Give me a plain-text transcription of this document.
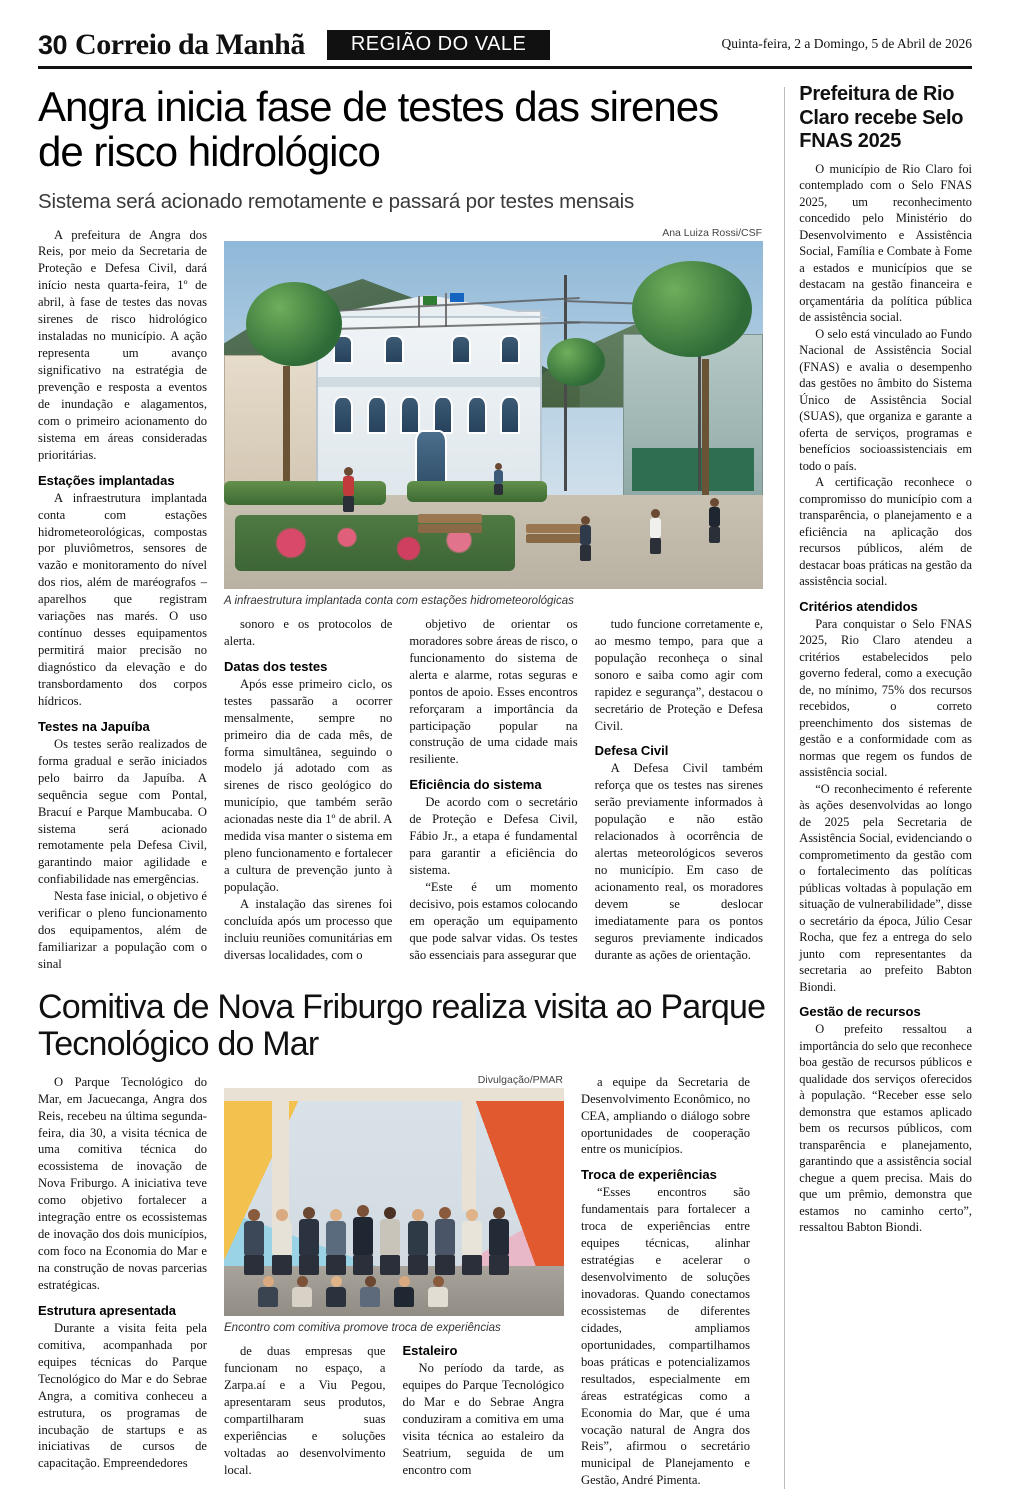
30 Correio da Manhã	REGIÃO DO VALE	Quinta-feira, 2 a Domingo, 5 de Abril de 2026
Angra inicia fase de testes das sirenes de risco hidrológico
Sistema será acionado remotamente e passará por testes mensais

A prefeitura de Angra dos Reis, por meio da Secretaria de Proteção e Defesa Civil, dará início nesta quarta-feira, 1º de abril, à fase de testes das novas sirenes de risco hidrológico instaladas no município. A ação representa um avanço significativo na estratégia de prevenção e resposta a eventos de inundação e alagamentos, com o primeiro acionamento do sistema em áreas consideradas prioritárias.

Estações implantadas

A infraestrutura implantada conta com estações hidrometeorológicas, compostas por pluviômetros, sensores de vazão e monitoramento do nível dos rios, além de maréografos – aparelhos que registram variações nas marés. O uso contínuo desses equipamentos permitirá maior precisão no diagnóstico da elevação e do transbordamento dos corpos hídricos.

Testes na Japuíba

Os testes serão realizados de forma gradual e serão iniciados pelo bairro da Japuíba. A sequência segue com Pontal, Bracuí e Parque Mambucaba. O sistema será acionado remotamente pela Defesa Civil, garantindo maior agilidade e confiabilidade nas emergências.

Nesta fase inicial, o objetivo é verificar o pleno funcionamento dos equipamentos, além de familiarizar a população com o sinal

Ana Luiza Rossi/CSF
A infraestrutura implantada conta com estações hidrometeorológicas

sonoro e os protocolos de alerta.

Datas dos testes

Após esse primeiro ciclo, os testes passarão a ocorrer mensalmente, sempre no primeiro dia de cada mês, de forma simultânea, seguindo o modelo já adotado com as sirenes de risco geológico do município, que também serão acionadas neste dia 1º de abril. A medida visa manter o sistema em pleno funcionamento e fortalecer a cultura de prevenção junto à população.

A instalação das sirenes foi concluída após um processo que incluiu reuniões comunitárias em diversas localidades, com o

objetivo de orientar os moradores sobre áreas de risco, o funcionamento do sistema de alerta e alarme, rotas seguras e pontos de apoio. Esses encontros reforçaram a importância da participação popular na construção de uma cidade mais resiliente.

Eficiência do sistema

De acordo com o secretário de Proteção e Defesa Civil, Fábio Jr., a etapa é fundamental para garantir a eficiência do sistema.

“Este é um momento decisivo, pois estamos colocando em operação um equipamento que pode salvar vidas. Os testes são essenciais para assegurar que

tudo funcione corretamente e, ao mesmo tempo, para que a população reconheça o sinal sonoro e saiba como agir com rapidez e segurança”, destacou o secretário de Proteção e Defesa Civil.

Defesa Civil

A Defesa Civil também reforça que os testes nas sirenes serão previamente informados à população e não estão relacionados à ocorrência de alertas meteorológicos severos no município. Em caso de acionamento real, os moradores devem se deslocar imediatamente para os pontos seguros previamente indicados durante as ações de orientação.

Comitiva de Nova Friburgo realiza visita ao Parque Tecnológico do Mar

O Parque Tecnológico do Mar, em Jacuecanga, Angra dos Reis, recebeu na última segunda-feira, dia 30, a visita técnica de uma comitiva técnica do ecossistema de inovação de Nova Friburgo. A iniciativa teve como objetivo fortalecer a integração entre os ecossistemas de inovação dos dois municípios, com foco na Economia do Mar e na construção de novas parcerias estratégicas.

Estrutura apresentada

Durante a visita feita pela comitiva, acompanhada por equipes técnicas do Parque Tecnológico do Mar e do Sebrae Angra, a comitiva conheceu a estrutura, os programas de incubação de startups e as iniciativas de cursos de capacitação. Empreendedores

Divulgação/PMAR
Encontro com comitiva promove troca de experiências

de duas empresas que funcionam no espaço, a Zarpa.aí e a Viu Pegou, apresentaram seus produtos, compartilharam suas experiências e soluções voltadas ao desenvolvimento local.

Estaleiro

No período da tarde, as equipes do Parque Tecnológico do Mar e do Sebrae Angra conduziram a comitiva em uma visita técnica ao estaleiro da Seatrium, seguida de um encontro com

a equipe da Secretaria de Desenvolvimento Econômico, no CEA, ampliando o diálogo sobre oportunidades de cooperação entre os municípios.

Troca de experiências

“Esses encontros são fundamentais para fortalecer a troca de experiências entre equipes técnicas, alinhar estratégias e acelerar o desenvolvimento de soluções inovadoras. Quando conectamos ecossistemas de diferentes cidades, ampliamos oportunidades, compartilhamos boas práticas e potencializamos resultados, especialmente em áreas estratégicas como a Economia do Mar, que é uma vocação natural de Angra dos Reis”, afirmou o secretário municipal de Planejamento e Gestão, André Pimenta.

Prefeitura de Rio Claro recebe Selo FNAS 2025

O município de Rio Claro foi contemplado com o Selo FNAS 2025, um reconhecimento concedido pelo Ministério do Desenvolvimento e Assistência Social, Família e Combate à Fome a estados e municípios que se destacam na gestão financeira e orçamentária da política pública de assistência social.

O selo está vinculado ao Fundo Nacional de Assistência Social (FNAS) e avalia o desempenho das gestões no âmbito do Sistema Único de Assistência Social (SUAS), que organiza e garante a oferta de serviços, programas e benefícios socioassistenciais em todo o país.

A certificação reconhece o compromisso do município com a transparência, o planejamento e a eficiência na aplicação dos recursos públicos, além de destacar boas práticas na gestão da assistência social.

Critérios atendidos

Para conquistar o Selo FNAS 2025, Rio Claro atendeu a critérios estabelecidos pelo governo federal, como a execução de, no mínimo, 75% dos recursos recebidos, o correto preenchimento dos sistemas de gestão e a conformidade com as normas que regem os fundos de assistência social.

“O reconhecimento é referente às ações desenvolvidas ao longo de 2025 pela Secretaria de Assistência Social, evidenciando o comprometimento da gestão com o fortalecimento das políticas públicas voltadas à população em situação de vulnerabilidade”, disse o secretário da época, Júlio Cesar Rocha, que fez a entrega do selo junto com representantes da secretaria ao prefeito Babton Biondi.

Gestão de recursos

O prefeito ressaltou a importância do selo que reconhece boa gestão de recursos públicos e qualidade dos serviços oferecidos à população. “Receber esse selo demonstra que estamos aplicado bem os recursos públicos, com transparência e planejamento, garantindo que a assistência social chegue a quem precisa. Mais do que um prêmio, demonstra que estamos no caminho certo”, ressaltou Babton Biondi.
